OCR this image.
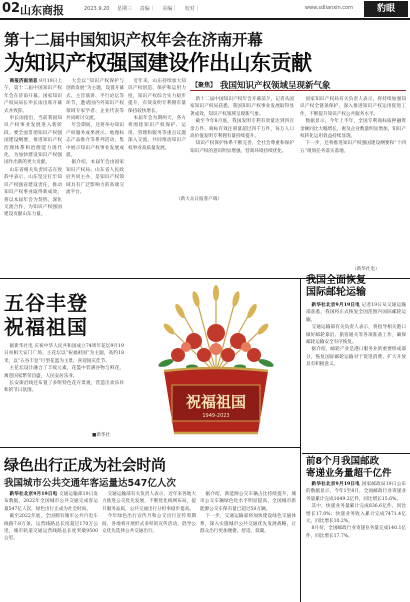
02 山东商报	2023.9.20 星期三 责编｜ 美编｜ 校对｜	www.sdlianxin.com	豹眼
第十二届中国知识产权年会在济南开幕
为知识产权强国建设作出山东贡献

商报济南消息 9月19日上午，第十二届中国知识产权年会在济南开幕。国家知识产权局局长申长雨出席开幕式并致辞。

申长雨指出，当前我国知识产权事业发展进入新阶段。要全面贯彻知识产权强国建设纲要，推进知识产权治理体系和治理能力现代化，为加快建设知识产权强国作出新的更大贡献。

山东省相关负责同志在致辞中表示，山东坚定扛牢知识产权强省建设责任，推动知识产权事业取得新成效，将以本届年会为契机，深化交流合作，为知识产权强国建设贡献山东力量。

大会以“知识产权保护与创新发展”为主题，设置开幕式、主旨演讲、平行论坛等环节，邀请国内外知识产权领域专家学者、企业代表等共同研讨交流。

年会期间，还将举办知识产权服务成果展示、地理标志产品推介等系列活动，集中展示知识产权事业发展成就。

据介绍，本届年会由国家知识产权局、山东省人民政府共同主办，是知识产权领域具有广泛影响力的高端交流平台。

近年来，山东持续加大知识产权创造、保护和运用力度，知识产权综合实力稳步提升，有效发明专利拥有量保持较快增长。

本届年会为期两天，各方将围绕知识产权保护、运用、管理和服务等重点议题深入交流，共同推动知识产权事业高质量发展。

（新大众日报客户端）
【聚焦】 我国知识产权领域呈现新气象

新十二届中国知识产权年会开幕前夕，记者从国家知识产权局获悉，我国知识产权事业发展取得显著成效，知识产权领域呈现新气象。

截至今年8月底，我国发明专利有效量达到四百余万件，商标有效注册量超过四千万件，每万人口高价值发明专利拥有量持续提升。

知识产权保护体系不断完善，全社会尊重和保护知识产权的意识明显增强，营商环境持续优化。

国家知识产权局有关负责人表示，将持续加强知识产权全链条保护，深入推进知识产权运用促进工作，不断提升知识产权公共服务水平。

数据显示，今年上半年，全国专利商标质押融资金额同比大幅增长，惠及企业数量明显增加，知识产权转化运用效益持续显现。

下一步，还将推进知识产权强国建设纲要和“十四五”规划任务落实落地。

（新华社电）
五谷丰登
祝福祖国

据新华社电 庆祝中华人民共和国成立74周年花坛9月19日亮相天安门广场。主花坛以“祝福祖国”为主题，高约18米，以“五谷丰登”巨型花篮为主景，喜迎国庆佳节。

主花坛设计融合了丰收元素，花篮中装满谷物与鲜花，寓意国家繁荣昌盛，人民安居乐业。

长安街沿线还布置了多组特色花卉景观，营造出欢乐祥和的节日氛围。

■新华社
祝福祖国
1949-2023
绿色出行正成为社会时尚
我国城市公共交通年客运量达547亿人次

新华社北京9月19日电 交通运输部19日发布数据，2022年全国城市公共交通完成客运量547亿人次，绿色出行正成为社会时尚。

截至2022年底，全国拥有城市公共汽电车线路7.8万条，运营线路总长度超过170万公里，城市轨道交通运营线路总长度突破9500公里。

交通运输部有关负责人表示，近年来各地大力推进公交优先发展，不断优化线网布局，提升服务品质，公共交通出行分担率稳步提高。

今年绿色出行宣传月和公交出行宣传周期间，各地将开展形式多样的宣传活动，倡导公众优先选择公共交通出行。

据介绍，新能源公交车辆占比持续提升，城市公交车辆绿色化水平明显提高，全国城市新能源公交车保有量已超过50万辆。

下一步，交通运输部将加快建设绿色交通体系，深入实施城市公共交通优先发展战略，让群众出行更加便捷、舒适、低碳。

我国全面恢复
国际邮轮运输

新华社北京9月19日电 记者19日从交通运输部获悉，我国将正式恢复全国范围内国际邮轮运输。

交通运输部有关负责人表示，将指导相关港口做好邮轮靠泊、旅客通关等各项准备工作，确保邮轮运输安全有序恢复。

据介绍，邮轮产业是港口服务业的重要组成部分，恢复国际邮轮运输对于促进消费、扩大开放具有积极意义。

前8个月我国邮政
寄递业务量超千亿件

新华社北京9月19日电 国家邮政局19日公布的数据显示，今年1至8月，全国邮政行业寄递业务量累计完成1049.2亿件，同比增长15.6%。

其中，快递业务量累计完成836.6亿件，同比增长17.0%；快递业务收入累计完成7471.4亿元，同比增长10.2%。

8月份，全国邮政行业寄递业务量完成140.1亿件，同比增长17.7%。
